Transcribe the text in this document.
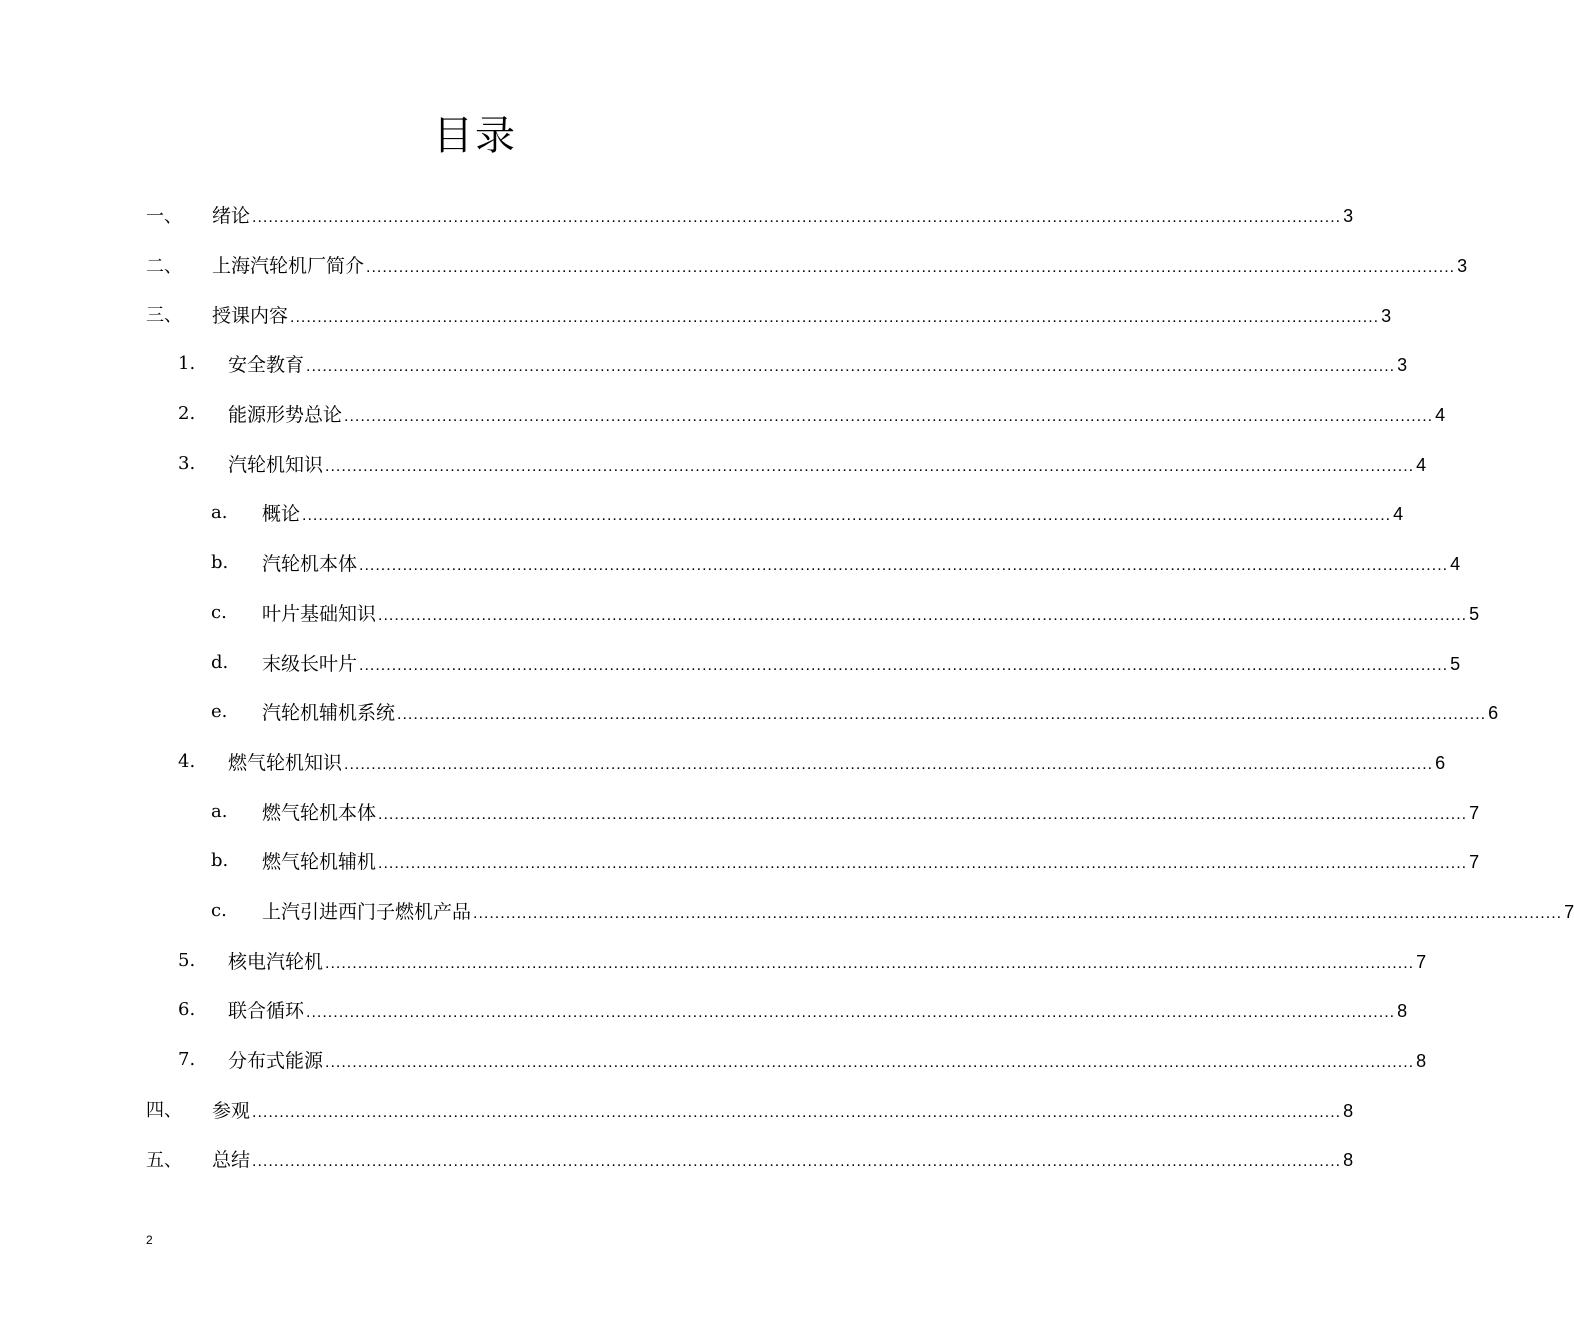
目录
一、 绪论 ........................................................................................................................................................................................................ 3
二、 上海汽轮机厂简介 ........................................................................................................................................................................................................ 3
三、 授课内容 ........................................................................................................................................................................................................ 3
1. 安全教育 ........................................................................................................................................................................................................ 3
2. 能源形势总论 ........................................................................................................................................................................................................ 4
3. 汽轮机知识 ........................................................................................................................................................................................................ 4
a. 概论 ........................................................................................................................................................................................................ 4
b. 汽轮机本体 ........................................................................................................................................................................................................ 4
c. 叶片基础知识 ........................................................................................................................................................................................................ 5
d. 末级长叶片 ........................................................................................................................................................................................................ 5
e. 汽轮机辅机系统 ........................................................................................................................................................................................................ 6
4. 燃气轮机知识 ........................................................................................................................................................................................................ 6
a. 燃气轮机本体 ........................................................................................................................................................................................................ 7
b. 燃气轮机辅机 ........................................................................................................................................................................................................ 7
c. 上汽引进西门子燃机产品 ........................................................................................................................................................................................................ 7
5. 核电汽轮机 ........................................................................................................................................................................................................ 7
6. 联合循环 ........................................................................................................................................................................................................ 8
7. 分布式能源 ........................................................................................................................................................................................................ 8
四、 参观 ........................................................................................................................................................................................................ 8
五、 总结 ........................................................................................................................................................................................................ 8
2
